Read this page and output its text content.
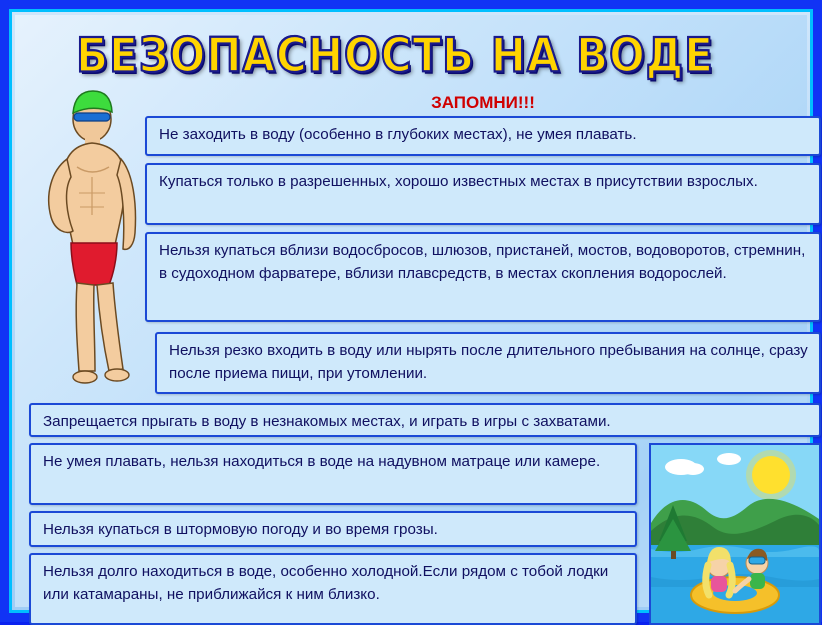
БЕЗОПАСНОСТЬ НА ВОДЕ
ЗАПОМНИ!!!

Не заходить в воду (особенно в глубоких местах), не умея плавать.

Купаться только в разрешенных, хорошо известных местах в присутствии взрослых.

Нельзя купаться вблизи водосбросов, шлюзов, пристаней, мостов, водоворотов, стремнин, в судоходном фарватере, вблизи плавсредств, в местах скопления водорослей.

Нельзя резко входить в воду или нырять после длительного пребывания на солнце, сразу после приема пищи, при утомлении.

Запрещается прыгать в воду в незнакомых местах, и играть в игры с захватами.

Не умея плавать, нельзя находиться в воде на надувном матраце или камере.

Нельзя купаться в штормовую погоду и во время грозы.

Нельзя долго находиться в воде, особенно холодной.Если рядом с тобой лодки или катамараны, не приближайся к ним близко.
